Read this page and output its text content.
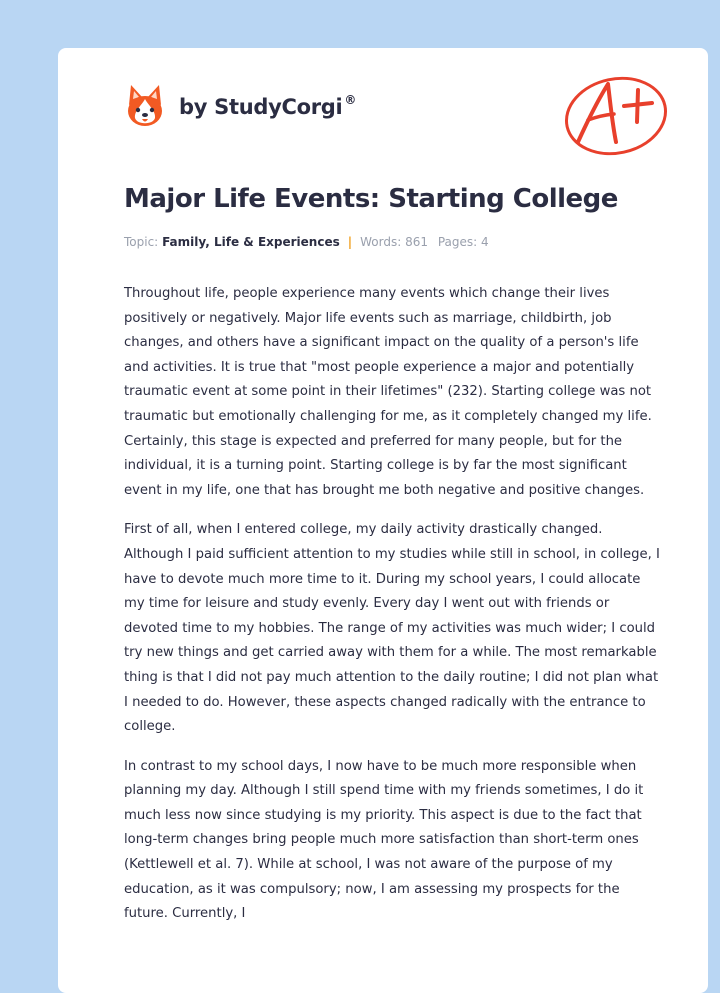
by StudyCorgi ®
Major Life Events: Starting College
Topic: Family, Life & Experiences | Words: 861 Pages: 4

Throughout life, people experience many events which change their lives positively or negatively. Major life events such as marriage, childbirth, job changes, and others have a significant impact on the quality of a person's life and activities. It is true that "most people experience a major and potentially traumatic event at some point in their lifetimes" (232). Starting college was not traumatic but emotionally challenging for me, as it completely changed my life. Certainly, this stage is expected and preferred for many people, but for the individual, it is a turning point. Starting college is by far the most significant event in my life, one that has brought me both negative and positive changes.

First of all, when I entered college, my daily activity drastically changed. Although I paid sufficient attention to my studies while still in school, in college, I have to devote much more time to it. During my school years, I could allocate my time for leisure and study evenly. Every day I went out with friends or devoted time to my hobbies. The range of my activities was much wider; I could try new things and get carried away with them for a while. The most remarkable thing is that I did not pay much attention to the daily routine; I did not plan what I needed to do. However, these aspects changed radically with the entrance to college.

In contrast to my school days, I now have to be much more responsible when planning my day. Although I still spend time with my friends sometimes, I do it much less now since studying is my priority. This aspect is due to the fact that long-term changes bring people much more satisfaction than short-term ones (Kettlewell et al. 7). While at school, I was not aware of the purpose of my education, as it was compulsory; now, I am assessing my prospects for the future. Currently, I
